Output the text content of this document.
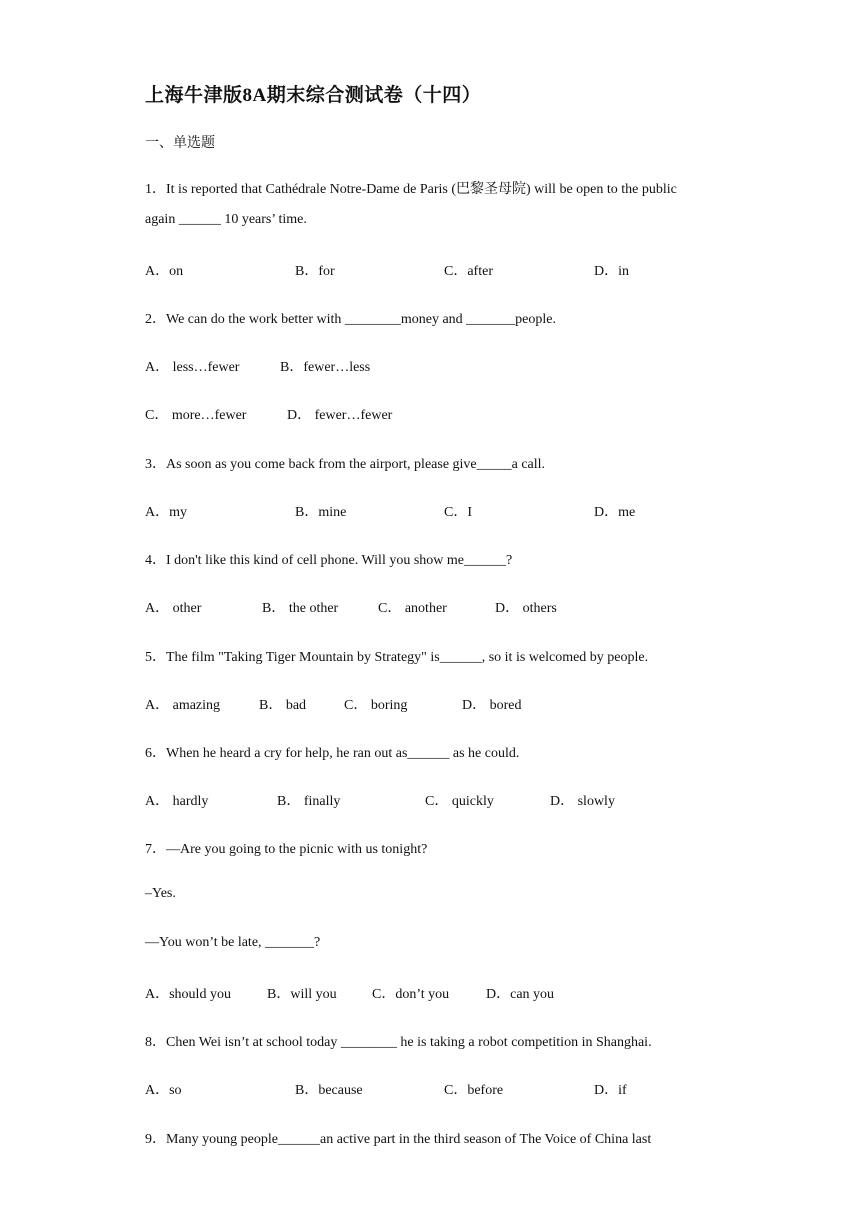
上海牛津版8A期末综合测试卷（十四）
一、单选题
1．It is reported that Cathédrale Notre-Dame de Paris (巴黎圣母院) will be open to the public
again ______ 10 years’ time.
A．on	B．for	C．after	D．in
2．We can do the work better with ________money and _______people.
A． less…fewer	B．fewer…less
C． more…fewer	D． fewer…fewer
3．As soon as you come back from the airport, please give_____a call.
A．my	B．mine	C．I	D．me
4．I don't like this kind of cell phone. Will you show me______?
A． other	B． the other	C． another	D． others
5．The film "Taking Tiger Mountain by Strategy" is______, so it is welcomed by people.
A． amazing	B． bad	C． boring	D． bored
6．When he heard a cry for help, he ran out as______ as he could.
A． hardly	B． finally	C． quickly	D． slowly
7．—Are you going to the picnic with us tonight?
–Yes.
—You won’t be late, _______?
A．should you	B．will you	C．don’t you	D．can you
8．Chen Wei isn’t at school today ________ he is taking a robot competition in Shanghai.
A．so	B．because	C．before	D．if
9．Many young people______an active part in the third season of The Voice of China last
